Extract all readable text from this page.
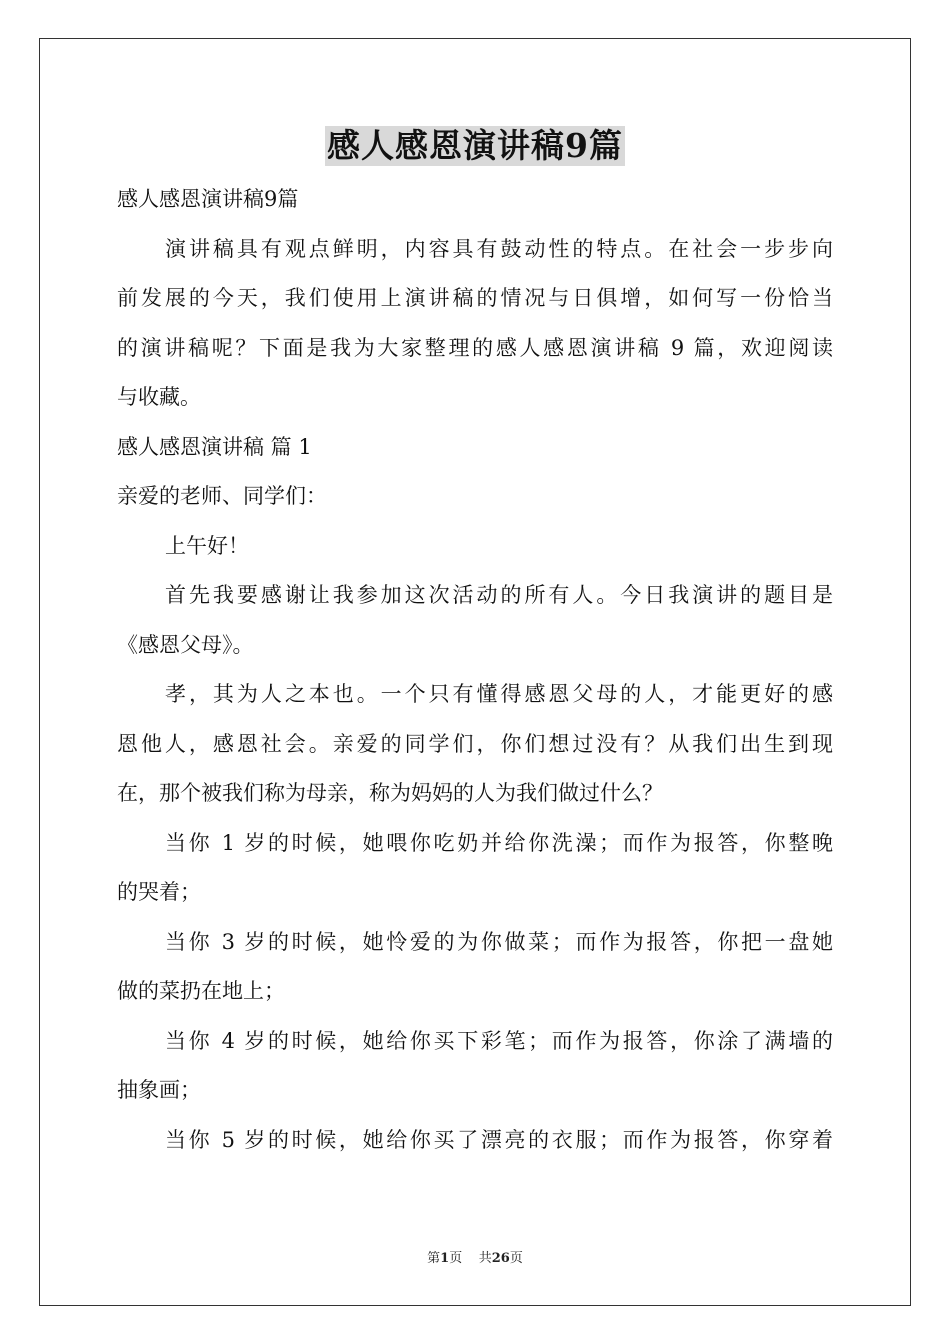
感人感恩演讲稿9篇
感人感恩演讲稿9篇
演讲稿具有观点鲜明，内容具有鼓动性的特点。在社会一步步向
前发展的今天，我们使用上演讲稿的情况与日俱增，如何写一份恰当
的演讲稿呢？下面是我为大家整理的感人感恩演讲稿 9 篇，欢迎阅读
与收藏。
感人感恩演讲稿 篇 1
亲爱的老师、同学们：
上午好！
首先我要感谢让我参加这次活动的所有人。今日我演讲的题目是
《感恩父母》。
孝，其为人之本也。一个只有懂得感恩父母的人，才能更好的感
恩他人，感恩社会。亲爱的同学们，你们想过没有？从我们出生到现
在，那个被我们称为母亲，称为妈妈的人为我们做过什么？
当你 1 岁的时候，她喂你吃奶并给你洗澡；而作为报答，你整晚
的哭着；
当你 3 岁的时候，她怜爱的为你做菜；而作为报答，你把一盘她
做的菜扔在地上；
当你 4 岁的时候，她给你买下彩笔；而作为报答，你涂了满墙的
抽象画；
当你 5 岁的时候，她给你买了漂亮的衣服；而作为报答，你穿着
第1页    共26页
